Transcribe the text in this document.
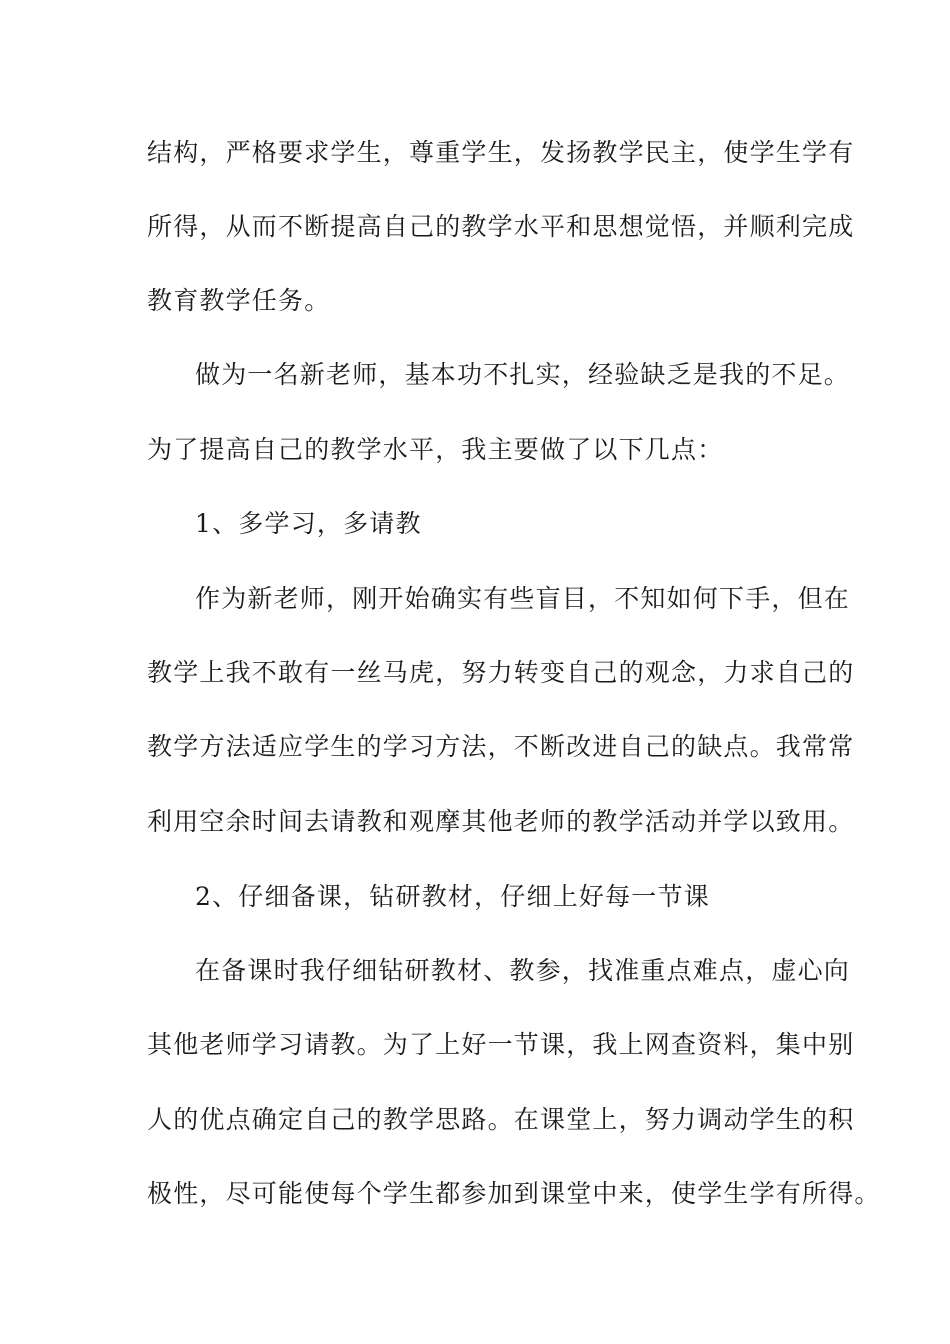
结构，严格要求学生，尊重学生，发扬教学民主，使学生学有
所得，从而不断提高自己的教学水平和思想觉悟，并顺利完成
教育教学任务。
做为一名新老师，基本功不扎实，经验缺乏是我的不足。
为了提高自己的教学水平，我主要做了以下几点：
1、多学习，多请教
作为新老师，刚开始确实有些盲目，不知如何下手，但在
教学上我不敢有一丝马虎，努力转变自己的观念，力求自己的
教学方法适应学生的学习方法，不断改进自己的缺点。我常常
利用空余时间去请教和观摩其他老师的教学活动并学以致用。
2、仔细备课，钻研教材，仔细上好每一节课
在备课时我仔细钻研教材、教参，找准重点难点，虚心向
其他老师学习请教。为了上好一节课，我上网查资料，集中别
人的优点确定自己的教学思路。在课堂上，努力调动学生的积
极性，尽可能使每个学生都参加到课堂中来，使学生学有所得。
